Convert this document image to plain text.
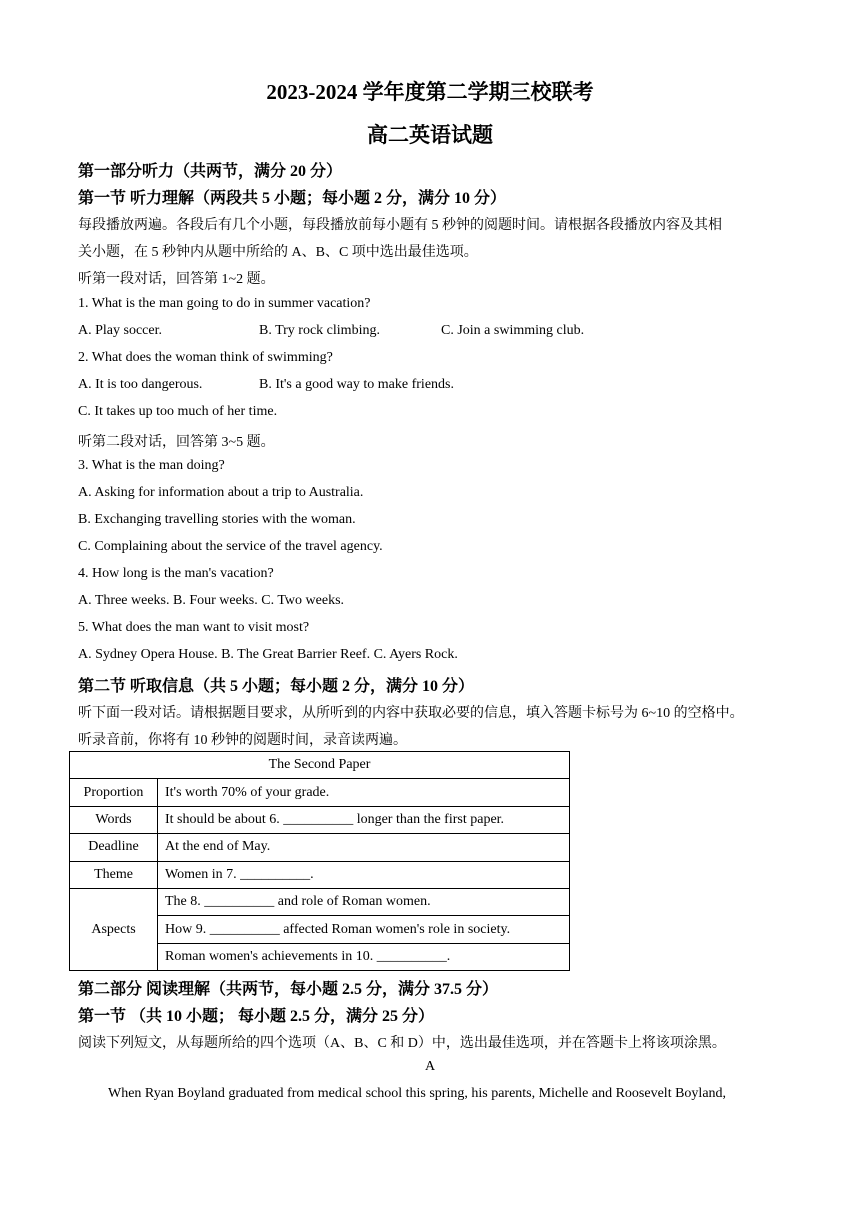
2023-2024 学年度第二学期三校联考
高二英语试题
第一部分听力（共两节，满分 20 分）
第一节 听力理解（两段共 5 小题；每小题 2 分，满分 10 分）
每段播放两遍。各段后有几个小题，每段播放前每小题有 5 秒钟的阅题时间。请根据各段播放内容及其相
关小题，在 5 秒钟内从题中所给的 A、B、C 项中选出最佳选项。
听第一段对话，回答第 1~2 题。
1. What is the man going to do in summer vacation?
A. Play soccer.	B. Try rock climbing.	C. Join a swimming club.
2. What does the woman think of swimming?
A. It is too dangerous.	B. It's a good way to make friends.
C. It takes up too much of her time.
听第二段对话，回答第 3~5 题。
3. What is the man doing?
A. Asking for information about a trip to Australia.
B. Exchanging travelling stories with the woman.
C. Complaining about the service of the travel agency.
4. How long is the man's vacation?
A. Three weeks. B. Four weeks. C. Two weeks.
5. What does the man want to visit most?
A. Sydney Opera House. B. The Great Barrier Reef. C. Ayers Rock.
第二节 听取信息（共 5 小题；每小题 2 分，满分 10 分）
听下面一段对话。请根据题目要求，从所听到的内容中获取必要的信息，填入答题卡标号为 6~10 的空格中。
听录音前，你将有 10 秒钟的阅题时间，录音读两遍。
The Second Paper	
Proportion	It's worth 70% of your grade.
Words	It should be about 6. __________ longer than the first paper.
Deadline	At the end of May.
Theme	Women in 7. __________.
Aspects	The 8. __________ and role of Roman women.
	How 9. __________ affected Roman women's role in society.
	Roman women's achievements in 10. __________.
第二部分 阅读理解（共两节，每小题 2.5 分，满分 37.5 分）
第一节 （共 10 小题； 每小题 2.5 分，满分 25 分）
阅读下列短文，从每题所给的四个选项（A、B、C 和 D）中，选出最佳选项，并在答题卡上将该项涂黑。
A
When Ryan Boyland graduated from medical school this spring, his parents, Michelle and Roosevelt Boyland,
